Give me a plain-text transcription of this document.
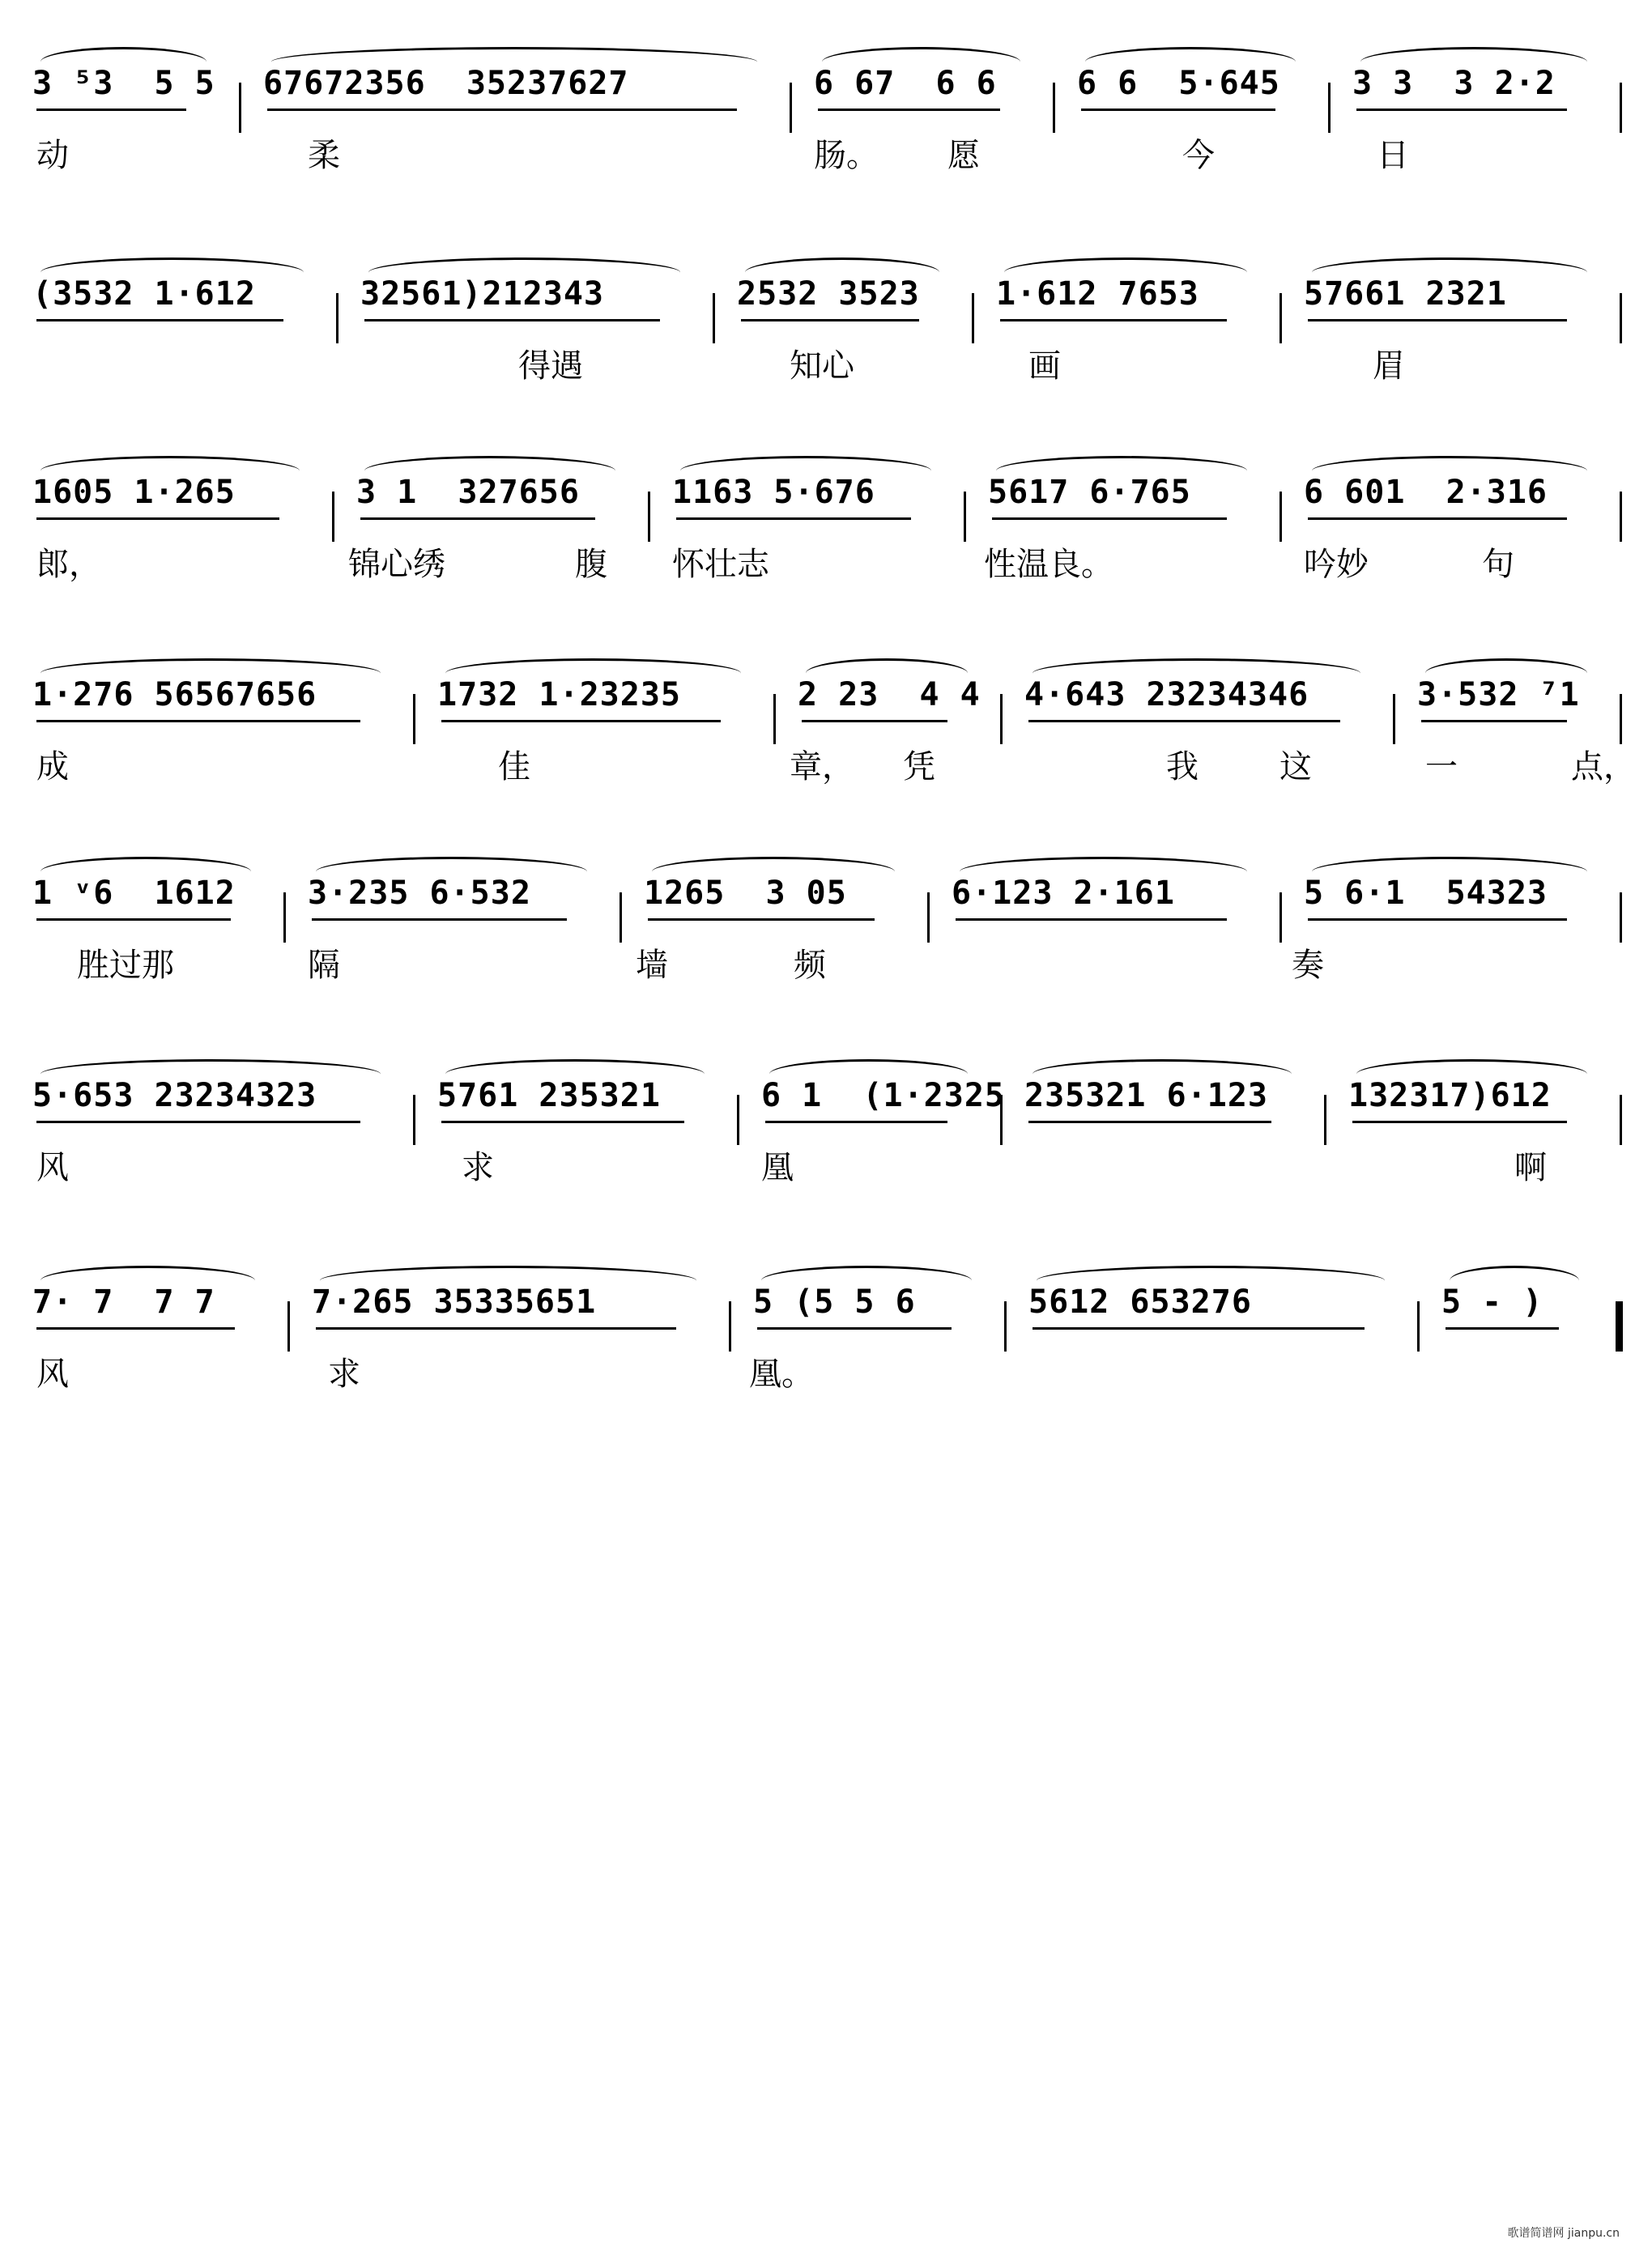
3 ⁵3  5 5 67672356  35237627	6 67  6 6 6 6  5·645 3 3  3 2·2
动	柔	肠。 愿	今	日
(3532 1·612	32561)212343	2532 3523 1·612 7653	57661 2321
得遇	知心	画	眉
1605 1·265	3 1  327656	1163 5·676	5617 6·765	6 601  2·316
郎，	锦心绣	腹 怀壮志	性温良。	吟妙	句
1·276 56567656	1732 1·23235	2 23  4 4 4·643 23234346	3·532 ⁷1
成	佳	章， 凭	我	这	一	点，
1 ᵛ6  1612 3·235 6·532	1265  3 05	6·123 2·161	5 6·1  54323
胜过那	隔	墙	频	奏
5·653 23234323	5761 235321	6 1  (1·2325 235321 6·123 132317)612
风	求	凰	啊
7· 7  7 7	7·265 35335651	5 (5 5 6	5612 653276	5 - )
风	求	凰。
歌谱简谱网 jianpu.cn
